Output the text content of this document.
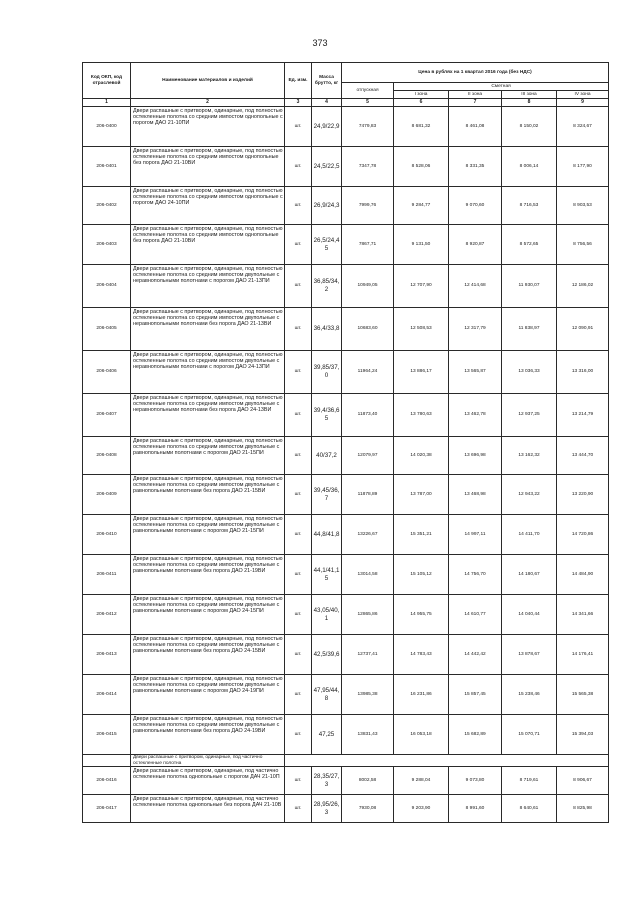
373
Код ОКП, код отраслевой	Наименование материалов и изделий	Ед. изм.	Масса брутто, кг	Цена в рублях на 1 квартал 2016 года (без НДС)				
				отпускная	Сметная			
					I зона	II зона	III зона	IV зона
1	2	3	4	5	6	7	8	9
206-0400	Двери распашные с притвором, одинарные, под полностью остекленные полотна со средним импостом однопольные с порогом ДАО 21-10ПИ	шт.	24,9/22,9	7479,83	8 681,32	8 461,08	8 150,02	8 324,67
206-0401	Двери распашные с притвором, одинарные, под полностью остекленные полотна со средним импостом однопольные без порога ДАО 21-10ВИ	шт.	24,5/22,5	7347,78	8 528,06	8 331,35	8 006,14	8 177,90
206-0402	Двери распашные с притвором, одинарные, под полностью остекленные полотна со средним импостом однопольные с порогом ДАО 24-10ПИ	шт.	26,9/24,3	7999,76	9 284,77	9 070,60	8 716,53	8 903,53
206-0403	Двери распашные с притвором, одинарные, под полностью остекленные полотна со средним импостом однопольные без порога ДАО 21-10ВИ	шт.	26,5/24,45	7867,71	9 131,50	8 920,87	8 572,65	8 756,56
206-0404	Двери распашные с притвором, одинарные, под полностью остекленные полотна со средним импостом двупольные с неравнопольными полотнами с порогом ДАО 21-13ПИ	шт.	36,85/34,2	10949,05	12 707,90	12 414,68	11 930,07	12 186,02
206-0405	Двери распашные с притвором, одинарные, под полностью остекленные полотна со средним импостом двупольные с неравнопольными полотнами без порога ДАО 21-13ВИ	шт.	36,4/33,8	10683,60	12 508,53	12 317,79	11 838,97	12 090,91
206-0406	Двери распашные с притвором, одинарные, под полностью остекленные полотна со средним импостом двупольные с неравнопольными полотнами с порогом ДАО 24-13ПИ	шт.	39,85/37,0	11964,24	13 886,17	13 565,87	13 036,33	13 316,00
206-0407	Двери распашные с притвором, одинарные, под полностью остекленные полотна со средним импостом двупольные с неравнопольными полотнами без порога ДАО 24-13ВИ	шт.	39,4/36,65	11873,40	13 780,63	13 462,78	12 937,25	13 214,79
206-0408	Двери распашные с притвором, одинарные, под полностью остекленные полотна со средним импостом двупольные с равнопольными полотнами с порогом ДАО 21-15ПИ	шт.	40/37,2	12079,97	14 020,38	13 696,98	13 162,32	13 444,70
206-0409	Двери распашные с притвором, одинарные, под полностью остекленные полотна со средним импостом двупольные с равнопольными полотнами без порога ДАО 21-15ВИ	шт.	39,45/36,7	11878,89	13 787,00	13 468,98	12 943,22	13 220,90
206-0410	Двери распашные с притвором, одинарные, под полностью остекленные полотна со средним импостом двупольные с равнопольными полотнами с порогом ДАО 21-15ПИ	шт.	44,8/41,8	13226,67	15 351,21	14 997,11	14 411,70	14 720,86
206-0411	Двери распашные с притвором, одинарные, под полностью остекленные полотна со средним импостом двупольные с равнопольными полотнами без порога ДАО 21-19ВИ	шт.	44,1/41,15	13014,58	15 105,12	14 756,70	14 180,67	14 484,90
206-0412	Двери распашные с притвором, одинарные, под полностью остекленные полотна со средним импостом двупольные с равнопольными полотнами с порогом ДАО 24-15ПИ	шт.	43,05/40,1	12865,86	14 955,75	14 610,77	14 040,44	14 341,66
206-0413	Двери распашные с притвором, одинарные, под полностью остекленные полотна со средним импостом двупольные с равнопольными полотнами без порога ДАО 24-15ВИ	шт.	42,5/39,6	12737,41	14 783,43	14 442,42	13 878,67	14 176,41
206-0414	Двери распашные с притвором, одинарные, под полностью остекленные полотна со средним импостом двупольные с равнопольными полотнами с порогом ДАО 24-19ПИ	шт.	47,95/44,8	13985,38	16 231,86	15 857,45	15 238,46	15 565,38
206-0415	Двери распашные с притвором, одинарные, под полностью остекленные полотна со средним импостом двупольные с равнопольными полотнами без порога ДАО 24-19ВИ	шт.	47,25	13831,43	16 053,18	15 682,89	15 070,71	15 394,03
	Двери распашные с притвором, одинарные, под частично остекленные полотна							
206-0416	Двери распашные с притвором, одинарные, под частично остекленные полотна однопольные с порогом ДАЧ 21-10П	шт.	28,35/27,3	8002,58	9 288,04	9 073,80	8 719,61	8 906,67
206-0417	Двери распашные с притвором, одинарные, под частично остекленные полотна однопольные без порога ДАЧ 21-10В	шт.	28,95/26,3	7930,08	9 203,90	8 991,60	8 640,61	8 825,98
